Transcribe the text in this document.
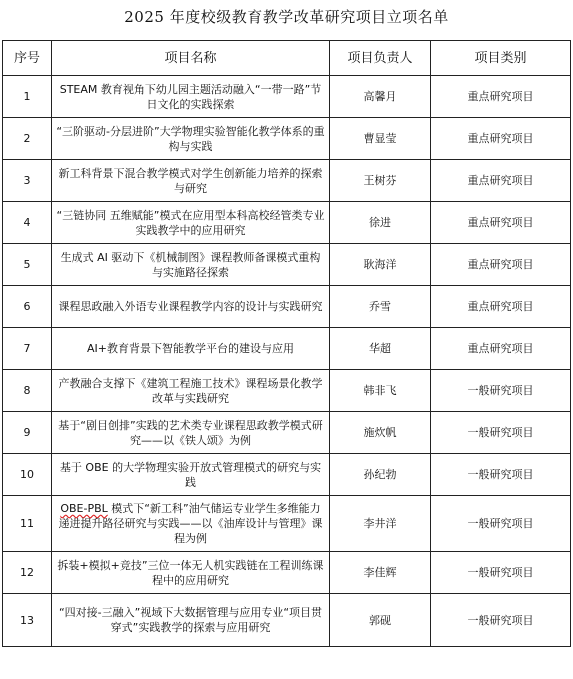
2025 年度校级教育教学改革研究项目立项名单
序号	项目名称	项目负责人	项目类别
1	STEAM 教育视角下幼儿园主题活动融入“一带一路”节日文化的实践探索	高馨月	重点研究项目
2	“三阶驱动-分层进阶”大学物理实验智能化教学体系的重构与实践	曹显莹	重点研究项目
3	新工科背景下混合教学模式对学生创新能力培养的探索与研究	王树芬	重点研究项目
4	“三链协同 五维赋能”模式在应用型本科高校经管类专业实践教学中的应用研究	徐进	重点研究项目
5	生成式 AI 驱动下《机械制图》课程教师备课模式重构与实施路径探索	耿海洋	重点研究项目
6	课程思政融入外语专业课程教学内容的设计与实践研究	乔雪	重点研究项目
7	AI+教育背景下智能教学平台的建设与应用	华超	重点研究项目
8	产教融合支撑下《建筑工程施工技术》课程场景化教学改革与实践研究	韩非飞	一般研究项目
9	基于“剧目创排”实践的艺术类专业课程思政教学模式研究——以《铁人颂》为例	施炊帆	一般研究项目
10	基于 OBE 的大学物理实验开放式管理模式的研究与实践	孙纪勃	一般研究项目
11	OBE-PBL 模式下“新工科”油气储运专业学生多维能力递进提升路径研究与实践——以《油库设计与管理》课程为例	李井洋	一般研究项目
12	拆装+模拟+竞技”三位一体无人机实践链在工程训练课程中的应用研究	李佳辉	一般研究项目
13	“四对接-三融入”视域下大数据管理与应用专业“项目贯穿式”实践教学的探索与应用研究	郭砚	一般研究项目
